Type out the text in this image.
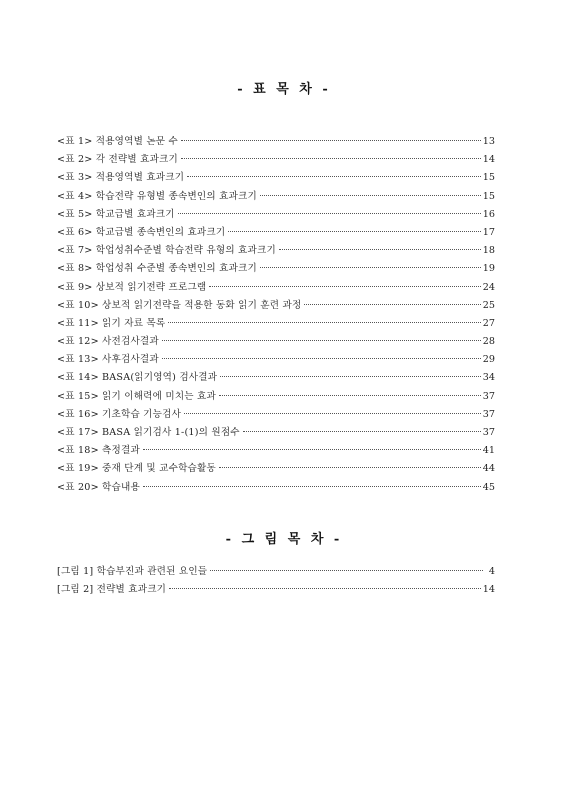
- 표 목 차 -
<표 1> 적용영역별 논문 수	13
<표 2> 각 전략별 효과크기	14
<표 3> 적용영역별 효과크기	15
<표 4> 학습전략 유형별 종속변인의 효과크기	15
<표 5> 학교급별 효과크기	16
<표 6> 학교급별 종속변인의 효과크기	17
<표 7> 학업성취수준별 학습전략 유형의 효과크기	18
<표 8> 학업성취 수준별 종속변인의 효과크기	19
<표 9> 상보적 읽기전략 프로그램	24
<표 10> 상보적 읽기전략을 적용한 동화 읽기 훈련 과정	25
<표 11> 읽기 자료 목록	27
<표 12> 사전검사결과	28
<표 13> 사후검사결과	29
<표 14> BASA(읽기영역) 검사결과	34
<표 15> 읽기 이해력에 미치는 효과	37
<표 16> 기초학습 기능검사	37
<표 17> BASA 읽기검사 1-(1)의 원점수	37
<표 18> 측정결과	41
<표 19> 중재 단계 및 교수학습활동	44
<표 20> 학습내용	45
- 그 림 목 차 -
[그림 1] 학습부진과 관련된 요인들	4
[그림 2] 전략별 효과크기	14
